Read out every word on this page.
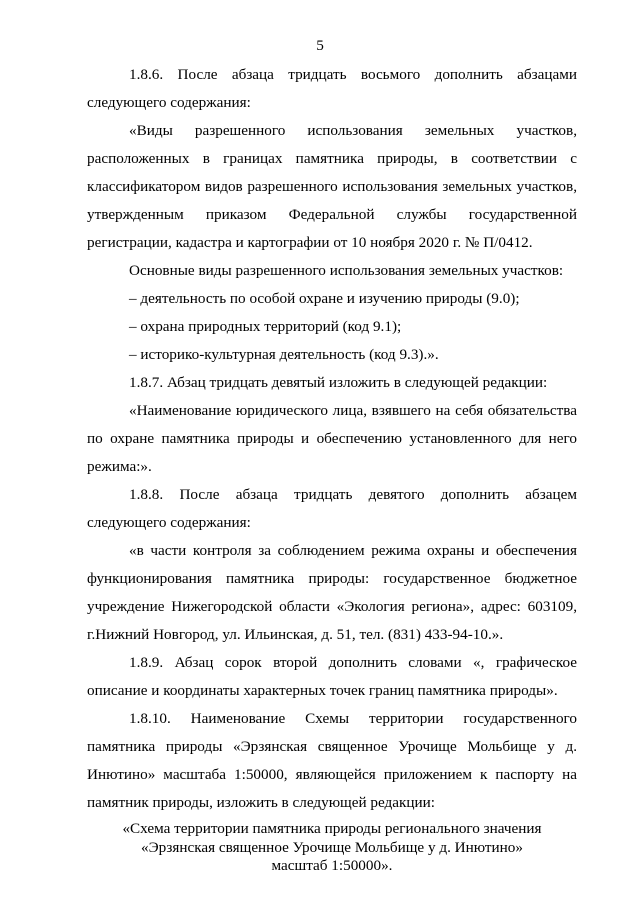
5

1.8.6. После абзаца тридцать восьмого дополнить абзацами следующего содержания:

«Виды разрешенного использования земельных участков, расположенных в границах памятника природы, в соответствии с классификатором видов разрешенного использования земельных участков, утвержденным приказом Федеральной службы государственной регистрации, кадастра и картографии от 10 ноября 2020 г. № П/0412.

Основные виды разрешенного использования земельных участков:

– деятельность по особой охране и изучению природы (9.0);

– охрана природных территорий (код 9.1);

– историко-культурная деятельность (код 9.3).».

1.8.7. Абзац тридцать девятый изложить в следующей редакции:

«Наименование юридического лица, взявшего на себя обязательства по охране памятника природы и обеспечению установленного для него режима:».

1.8.8. После абзаца тридцать девятого дополнить абзацем следующего содержания:

«в части контроля за соблюдением режима охраны и обеспечения функционирования памятника природы: государственное бюджетное учреждение Нижегородской области «Экология региона», адрес: 603109, г.Нижний Новгород, ул. Ильинская, д. 51, тел. (831) 433-94-10.».

1.8.9. Абзац сорок второй дополнить словами «, графическое описание и координаты характерных точек границ памятника природы».

1.8.10. Наименование Схемы территории государственного памятника природы «Эрзянская священное Урочище Мольбище у д. Инютино» масштаба 1:50000, являющейся приложением к паспорту на памятник природы, изложить в следующей редакции:

«Схема территории памятника природы регионального значения
«Эрзянская священное Урочище Мольбище у д. Инютино»
масштаб 1:50000».
